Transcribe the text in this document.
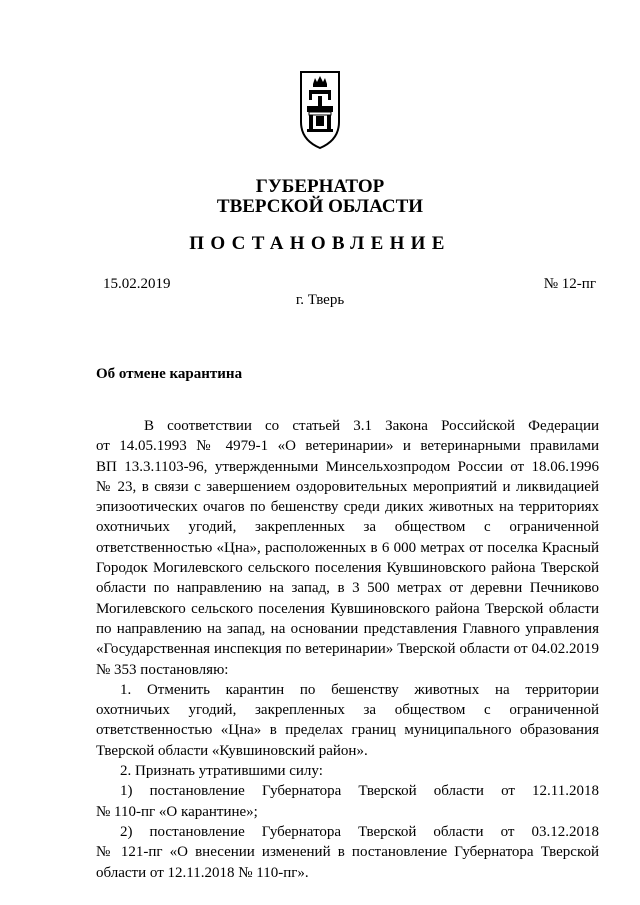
ГУБЕРНАТОР
ТВЕРСКОЙ ОБЛАСТИ
ПОСТАНОВЛЕНИЕ
15.02.2019	№ 12-пг
г. Тверь
Об отмене карантина

В соответствии со статьей 3.1 Закона Российской Федерации

от 14.05.1993 № 4979-1 «О ветеринарии» и ветеринарными правилами

ВП 13.3.1103-96, утвержденными Минсельхозпродом России от 18.06.1996

№ 23, в связи с завершением оздоровительных мероприятий и ликвидацией

эпизоотических очагов по бешенству среди диких животных на территориях

охотничьих угодий, закрепленных за обществом с ограниченной

ответственностью «Цна», расположенных в 6 000 метрах от поселка Красный

Городок Могилевского сельского поселения Кувшиновского района Тверской

области по направлению на запад, в 3 500 метрах от деревни Печниково

Могилевского сельского поселения Кувшиновского района Тверской области

по направлению на запад, на основании представления Главного управления

«Государственная инспекция по ветеринарии» Тверской области от 04.02.2019

№ 353 постановляю:

1. Отменить карантин по бешенству животных на территории

охотничьих угодий, закрепленных за обществом с ограниченной

ответственностью «Цна» в пределах границ муниципального образования

Тверской области «Кувшиновский район».

2. Признать утратившими силу:

1) постановление Губернатора Тверской области от 12.11.2018

№ 110-пг «О карантине»;

2) постановление Губернатора Тверской области от 03.12.2018

№ 121-пг «О внесении изменений в постановление Губернатора Тверской

области от 12.11.2018 № 110-пг».
